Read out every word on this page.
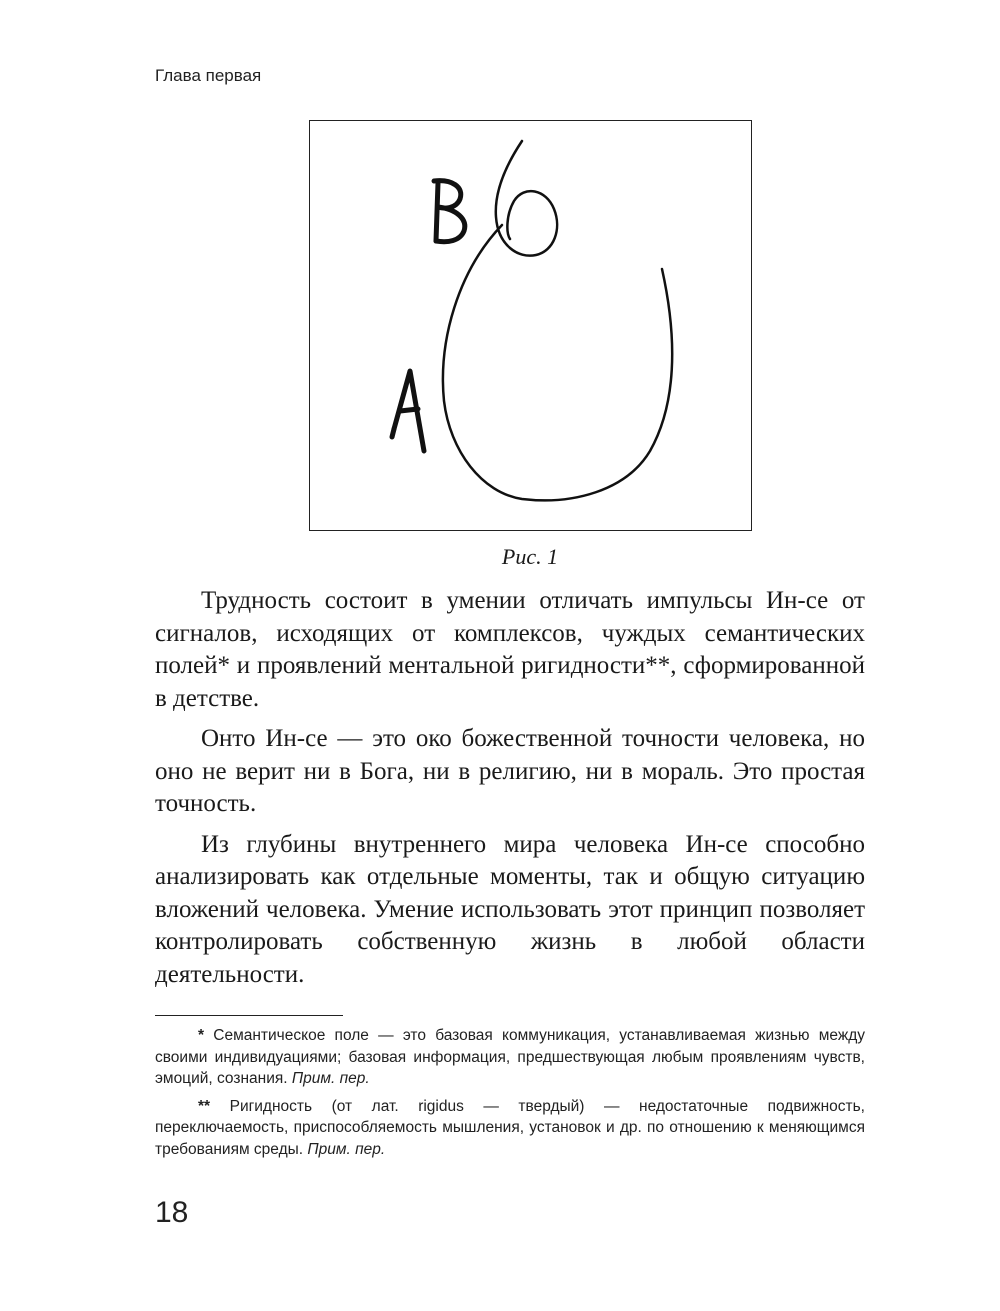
Глава первая
Рис. 1

Трудность состоит в умении отличать импульсы Ин-се от сигналов, исходящих от комплексов, чуждых семантических полей* и проявлений ментальной ригидности**, сформированной в детстве.

Онто Ин-се — это око божественной точности человека, но оно не верит ни в Бога, ни в религию, ни в мораль. Это простая точность.

Из глубины внутреннего мира человека Ин-се способно анализировать как отдельные моменты, так и общую ситуацию вложений человека. Умение использовать этот принцип позволяет контролировать собственную жизнь в любой области деятельности.

* Семантическое поле — это базовая коммуникация, устанавливаемая жизнью между своими индивидуациями; базовая информация, предшествующая любым проявлениям чувств, эмоций, сознания. Прим. пер.

** Ригидность (от лат. rigidus — твердый) — недостаточные подвижность, переключаемость, приспособляемость мышления, установок и др. по отношению к меняющимся требованиям среды. Прим. пер.

18
